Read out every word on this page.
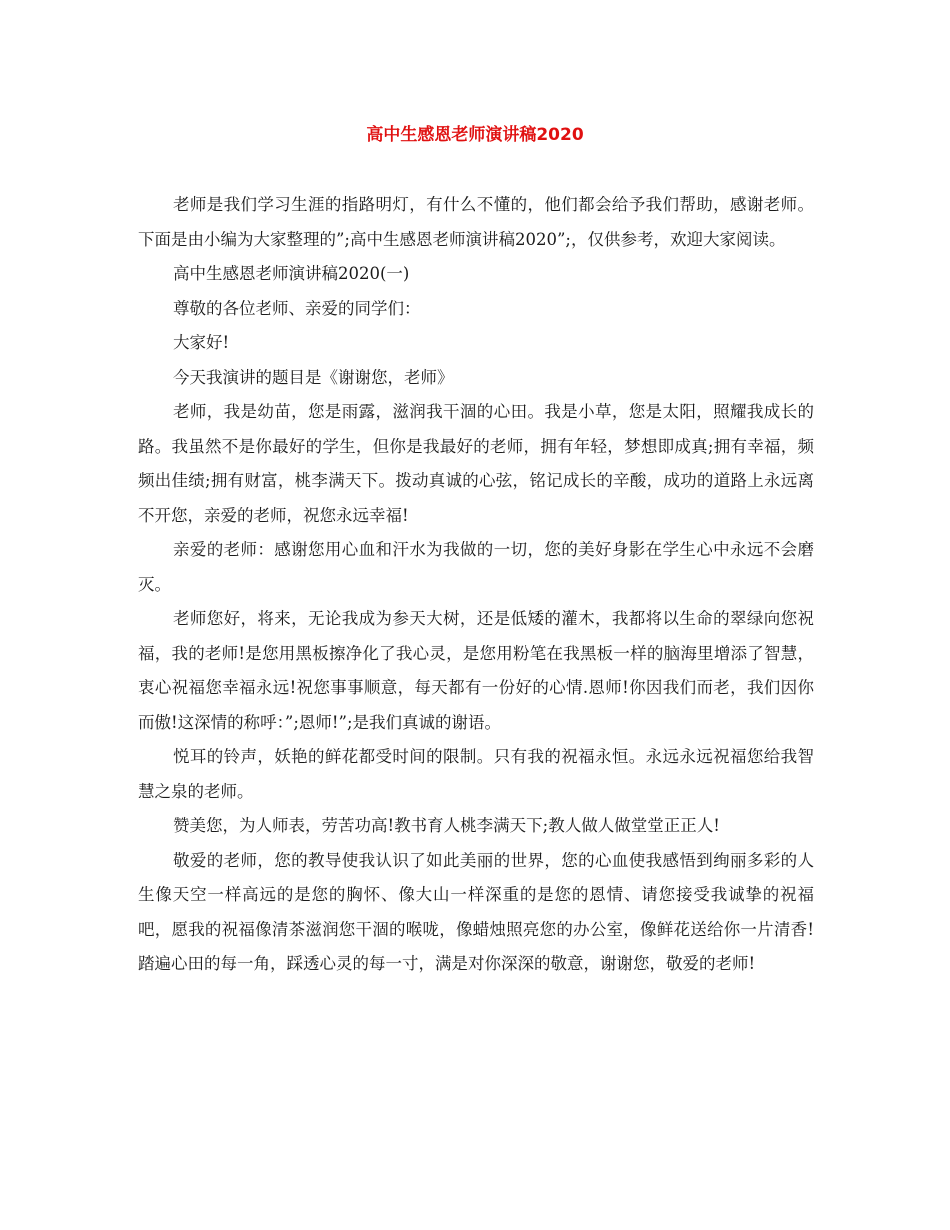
高中生感恩老师演讲稿2020

老师是我们学习生涯的指路明灯，有什么不懂的，他们都会给予我们帮助，感谢老师。下面是由小编为大家整理的”;高中生感恩老师演讲稿2020”;，仅供参考，欢迎大家阅读。

高中生感恩老师演讲稿2020(一)

尊敬的各位老师、亲爱的同学们：

大家好!

今天我演讲的题目是《谢谢您，老师》

老师，我是幼苗，您是雨露，滋润我干涸的心田。我是小草，您是太阳，照耀我成长的路。我虽然不是你最好的学生，但你是我最好的老师，拥有年轻，梦想即成真;拥有幸福，频频出佳绩;拥有财富，桃李满天下。拨动真诚的心弦，铭记成长的辛酸，成功的道路上永远离不开您，亲爱的老师，祝您永远幸福!

亲爱的老师：感谢您用心血和汗水为我做的一切，您的美好身影在学生心中永远不会磨灭。

老师您好，将来，无论我成为参天大树，还是低矮的灌木，我都将以生命的翠绿向您祝福，我的老师!是您用黑板擦净化了我心灵，是您用粉笔在我黑板一样的脑海里增添了智慧，衷心祝福您幸福永远!祝您事事顺意，每天都有一份好的心情.恩师!你因我们而老，我们因你而傲!这深情的称呼：”;恩师!”;是我们真诚的谢语。

悦耳的铃声，妖艳的鲜花都受时间的限制。只有我的祝福永恒。永远永远祝福您给我智慧之泉的老师。

赞美您，为人师表，劳苦功高!教书育人桃李满天下;教人做人做堂堂正正人!

敬爱的老师，您的教导使我认识了如此美丽的世界，您的心血使我感悟到绚丽多彩的人生像天空一样高远的是您的胸怀、像大山一样深重的是您的恩情、请您接受我诚挚的祝福吧，愿我的祝福像清茶滋润您干涸的喉咙，像蜡烛照亮您的办公室，像鲜花送给你一片清香!踏遍心田的每一角，踩透心灵的每一寸，满是对你深深的敬意，谢谢您，敬爱的老师!
